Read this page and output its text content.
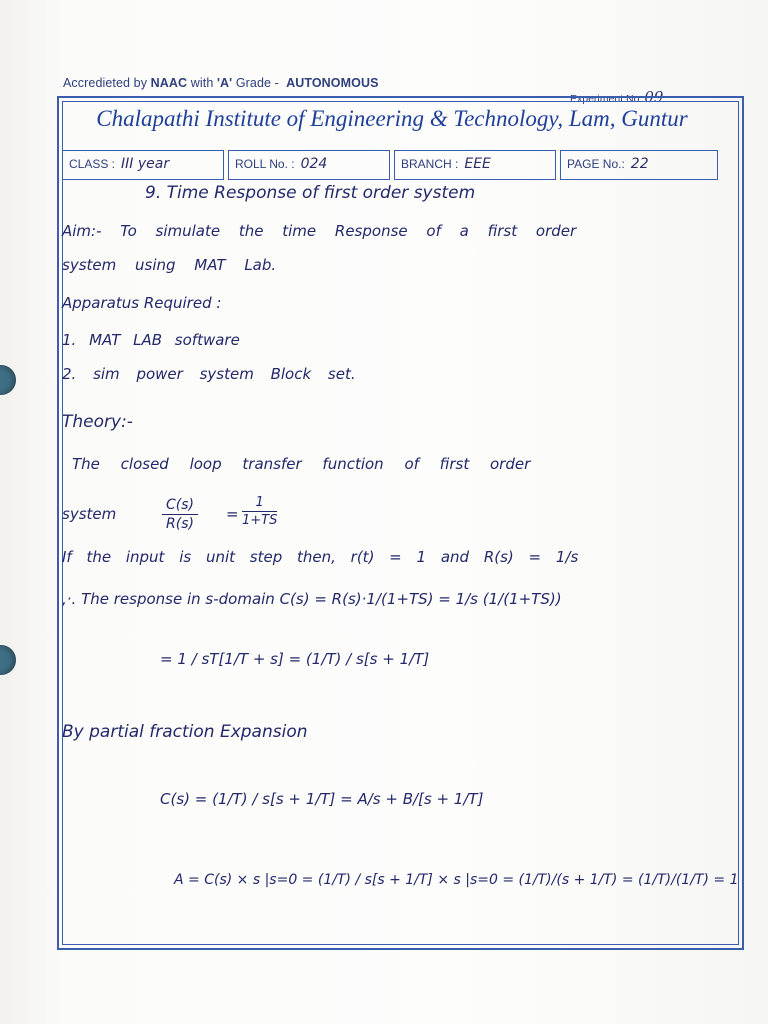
Accredieted by NAAC with 'A' Grade - AUTONOMOUS
Experiment No. 09
Chalapathi Institute of Engineering & Technology, Lam, Guntur
CLASS : III year	ROLL No. : 024	BRANCH : EEE	PAGE No.: 22
9. Time Response of first order system
Aim:- To simulate the time Response of a first order
system using MAT Lab.
Apparatus Required :
1. MAT LAB software
2. sim power system Block set.
Theory:-
The closed loop transfer function of first order
system	$\frac{C(s)}{R(s)} = \frac{1}{1+TS}$
If the input is unit step then, r(t) = 1 and R(s) = 1/s
,·. The response in s-domain C(s) = R(s)·1/(1+TS) = 1/s (1/(1+TS))
= 1 / sT[1/T + s] = (1/T) / s[s + 1/T]
By partial fraction Expansion
C(s) = (1/T) / s[s + 1/T] = A/s + B/[s + 1/T]
A = C(s) × s |s=0 = (1/T) / s[s + 1/T] × s |s=0 = (1/T)/(s + 1/T) = (1/T)/(1/T) = 1
